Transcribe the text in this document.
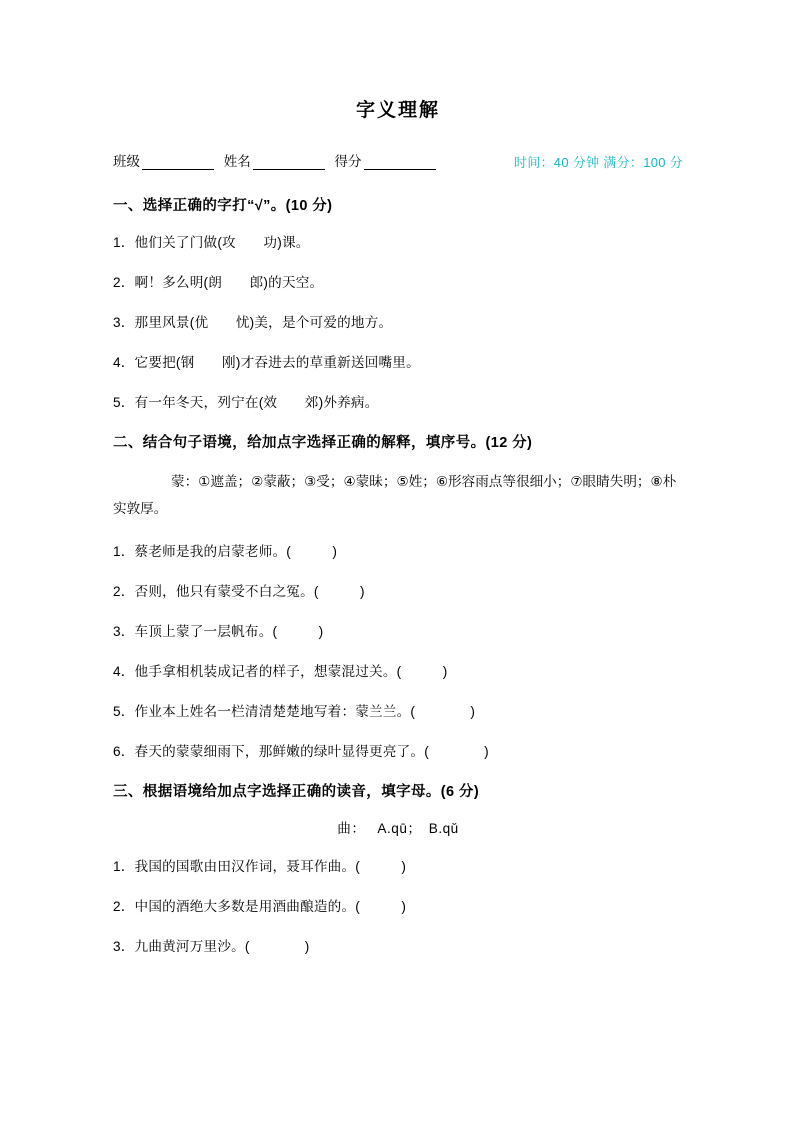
字义理解
班级	姓名	得分	时间：40 分钟 满分：100 分
一、选择正确的字打“√”。(10 分)
1．他们关了门做(攻　　功)课。
2．啊！多么明(朗　　郎)的天空。
3．那里风景(优　　忧)美，是个可爱的地方。
4．它要把(钢　　刚)才吞进去的草重新送回嘴里。
5．有一年冬天，列宁在(效　　郊)外养病。
二、结合句子语境，给加点字选择正确的解释，填序号。(12 分)
蒙：①遮盖；②蒙蔽；③受；④蒙昧；⑤姓；⑥形容雨点等很细小；⑦眼睛失明；⑧朴实敦厚。
1．蔡老师是我的启蒙老师。(　　　)
2．否则，他只有蒙受不白之冤。(　　　)
3．车顶上蒙了一层帆布。(　　　)
4．他手拿相机装成记者的样子，想蒙混过关。(　　　)
5．作业本上姓名一栏清清楚楚地写着：蒙兰兰。(　　　　)
6．春天的蒙蒙细雨下，那鲜嫩的绿叶显得更亮了。(　　　　)
三、根据语境给加点字选择正确的读音，填字母。(6 分)
曲： A.qū；　B.qǔ
1．我国的国歌由田汉作词，聂耳作曲。(　　　)
2．中国的酒绝大多数是用酒曲酿造的。(　　　)
3．九曲黄河万里沙。(　　　　)
